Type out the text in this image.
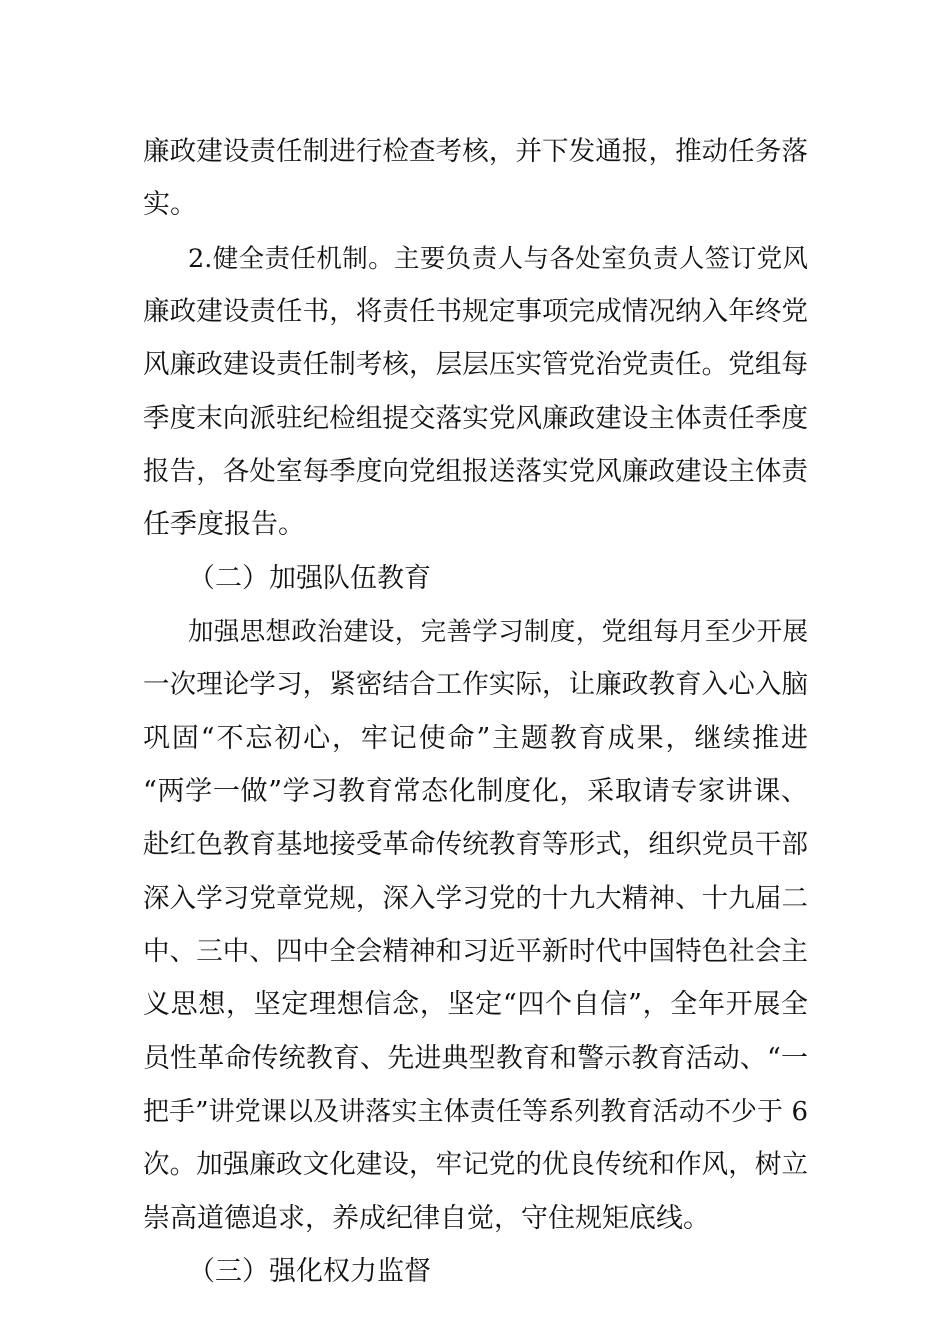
廉政建设责任制进行检查考核，并下发通报，推动任务落
实。
2.健全责任机制。主要负责人与各处室负责人签订党风
廉政建设责任书，将责任书规定事项完成情况纳入年终党
风廉政建设责任制考核，层层压实管党治党责任。党组每
季度末向派驻纪检组提交落实党风廉政建设主体责任季度
报告，各处室每季度向党组报送落实党风廉政建设主体责
任季度报告。
（二）加强队伍教育
加强思想政治建设，完善学习制度，党组每月至少开展
一次理论学习，紧密结合工作实际，让廉政教育入心入脑
巩固“不忘初心，牢记使命”主题教育成果，继续推进
“两学一做”学习教育常态化制度化，采取请专家讲课、
赴红色教育基地接受革命传统教育等形式，组织党员干部
深入学习党章党规，深入学习党的十九大精神、十九届二
中、三中、四中全会精神和习近平新时代中国特色社会主
义思想，坚定理想信念，坚定“四个自信”，全年开展全
员性革命传统教育、先进典型教育和警示教育活动、“一
把手”讲党课以及讲落实主体责任等系列教育活动不少于 6
次。加强廉政文化建设，牢记党的优良传统和作风，树立
崇高道德追求，养成纪律自觉，守住规矩底线。
（三）强化权力监督
